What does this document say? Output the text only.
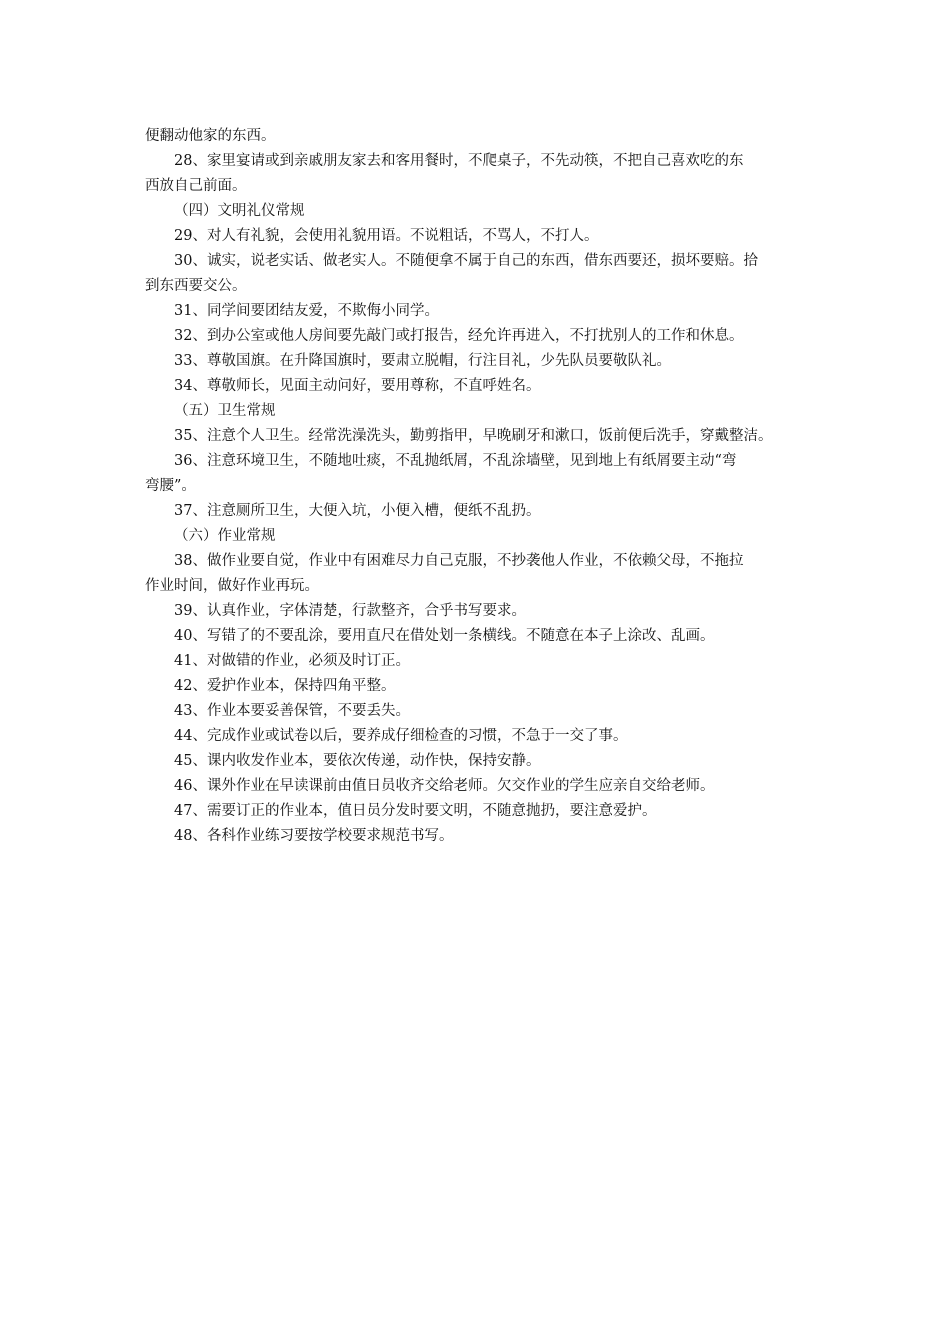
便翻动他家的东西。

28、家里宴请或到亲戚朋友家去和客用餐时，不爬桌子，不先动筷，不把自己喜欢吃的东

西放自己前面。

（四）文明礼仪常规

29、对人有礼貌，会使用礼貌用语。不说粗话，不骂人，不打人。

30、诚实，说老实话、做老实人。不随便拿不属于自己的东西，借东西要还，损坏要赔。拾

到东西要交公。

31、同学间要团结友爱，不欺侮小同学。

32、到办公室或他人房间要先敲门或打报告，经允许再进入，不打扰别人的工作和休息。

33、尊敬国旗。在升降国旗时，要肃立脱帽，行注目礼，少先队员要敬队礼。

34、尊敬师长，见面主动问好，要用尊称，不直呼姓名。

（五）卫生常规

35、注意个人卫生。经常洗澡洗头，勤剪指甲，早晚刷牙和漱口，饭前便后洗手，穿戴整洁。

36、注意环境卫生，不随地吐痰，不乱抛纸屑，不乱涂墙壁，见到地上有纸屑要主动“弯

弯腰”。

37、注意厕所卫生，大便入坑，小便入槽，便纸不乱扔。

（六）作业常规

38、做作业要自觉，作业中有困难尽力自己克服，不抄袭他人作业，不依赖父母，不拖拉

作业时间，做好作业再玩。

39、认真作业，字体清楚，行款整齐，合乎书写要求。

40、写错了的不要乱涂，要用直尺在借处划一条横线。不随意在本子上涂改、乱画。

41、对做错的作业，必须及时订正。

42、爱护作业本，保持四角平整。

43、作业本要妥善保管，不要丢失。

44、完成作业或试卷以后，要养成仔细检查的习惯，不急于一交了事。

45、课内收发作业本，要依次传递，动作快，保持安静。

46、课外作业在早读课前由值日员收齐交给老师。欠交作业的学生应亲自交给老师。

47、需要订正的作业本，值日员分发时要文明，不随意抛扔，要注意爱护。

48、各科作业练习要按学校要求规范书写。
